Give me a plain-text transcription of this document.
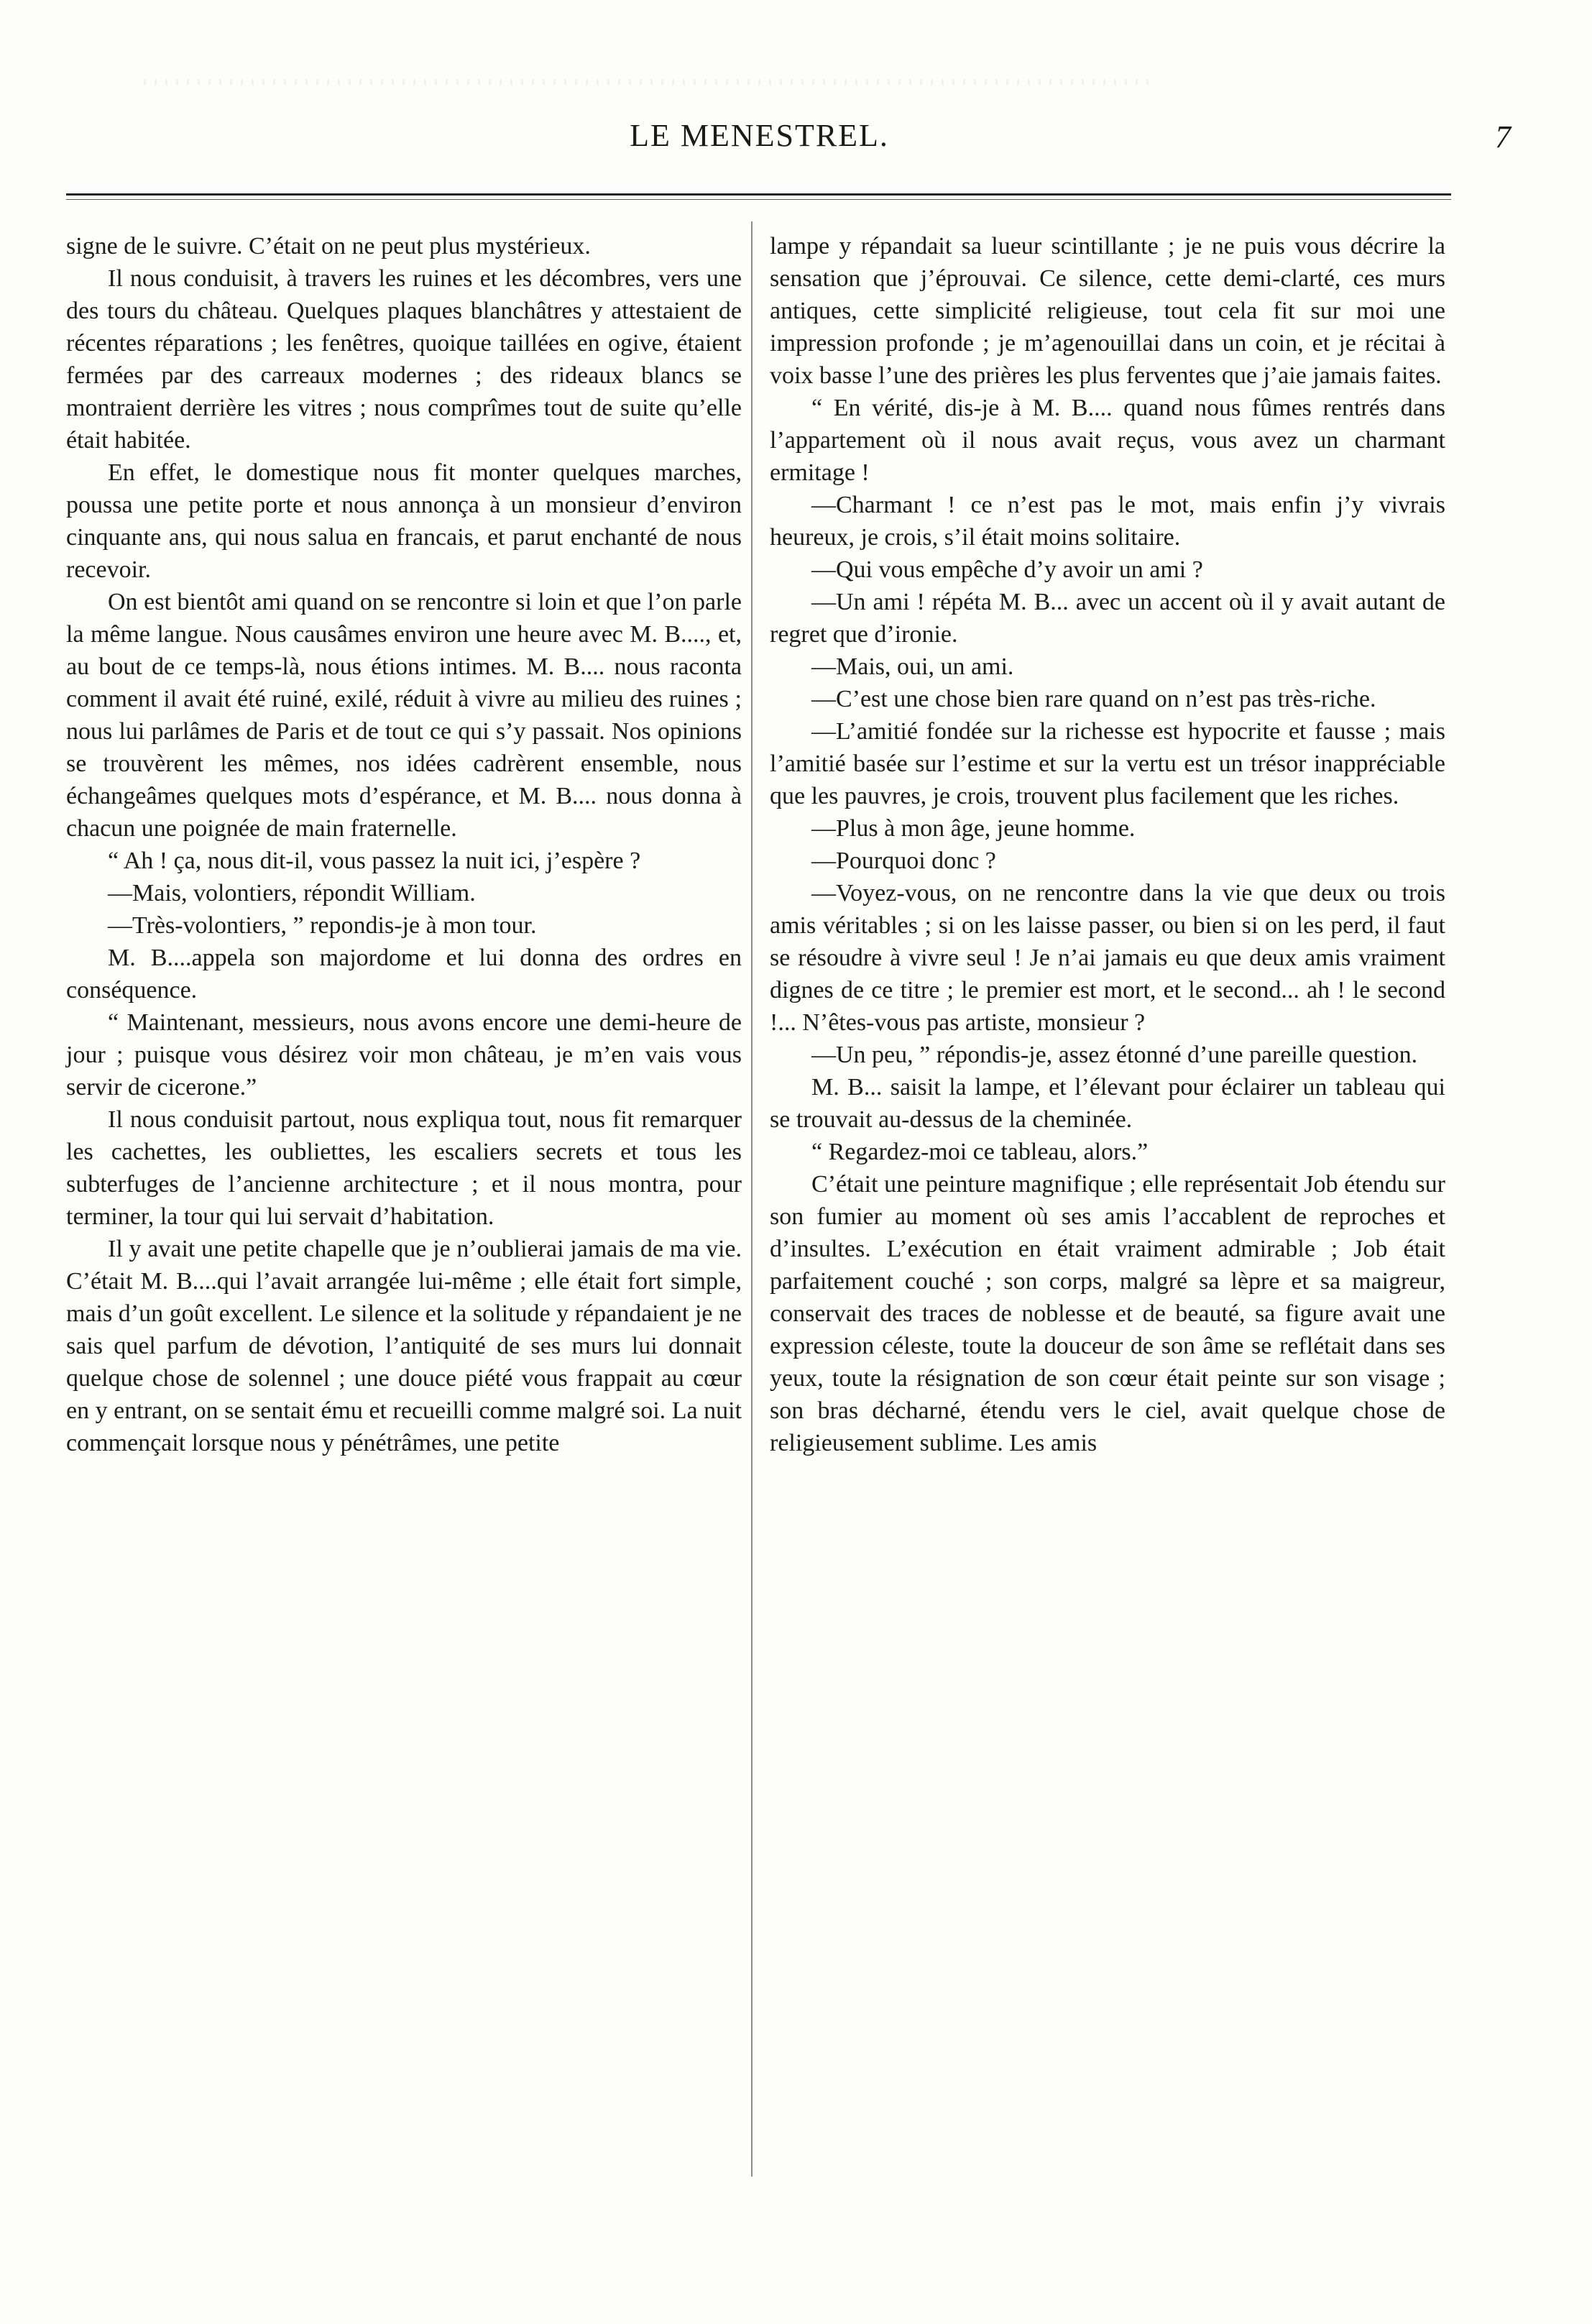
LE MENESTREL.	7

signe de le suivre. C’était on ne peut plus mystérieux.

Il nous conduisit, à travers les ruines et les décombres, vers une des tours du château. Quelques plaques blanchâtres y attestaient de récentes réparations ; les fenêtres, quoique taillées en ogive, étaient fermées par des carreaux modernes ; des rideaux blancs se montraient derrière les vitres ; nous comprîmes tout de suite qu’elle était habitée.

En effet, le domestique nous fit monter quelques marches, poussa une petite porte et nous annonça à un monsieur d’environ cinquante ans, qui nous salua en francais, et parut enchanté de nous recevoir.

On est bientôt ami quand on se rencontre si loin et que l’on parle la même langue. Nous causâmes environ une heure avec M. B...., et, au bout de ce temps-là, nous étions intimes. M. B.... nous raconta comment il avait été ruiné, exilé, réduit à vivre au milieu des ruines ; nous lui parlâmes de Paris et de tout ce qui s’y passait. Nos opinions se trouvèrent les mêmes, nos idées cadrèrent ensemble, nous échangeâmes quelques mots d’espérance, et M. B.... nous donna à chacun une poignée de main fraternelle.

“ Ah ! ça, nous dit-il, vous passez la nuit ici, j’espère ?

—Mais, volontiers, répondit William.

—Très-volontiers, ” repondis-je à mon tour.

M. B....appela son majordome et lui donna des ordres en conséquence.

“ Maintenant, messieurs, nous avons encore une demi-heure de jour ; puisque vous désirez voir mon château, je m’en vais vous servir de cicerone.”

Il nous conduisit partout, nous expliqua tout, nous fit remarquer les cachettes, les oubliettes, les escaliers secrets et tous les subterfuges de l’ancienne architecture ; et il nous montra, pour terminer, la tour qui lui servait d’habitation.

Il y avait une petite chapelle que je n’oublierai jamais de ma vie. C’était M. B....qui l’avait arrangée lui-même ; elle était fort simple, mais d’un goût excellent. Le silence et la solitude y répandaient je ne sais quel parfum de dévotion, l’antiquité de ses murs lui donnait quelque chose de solennel ; une douce piété vous frappait au cœur en y entrant, on se sentait ému et recueilli comme malgré soi. La nuit commençait lorsque nous y pénétrâmes, une petite

lampe y répandait sa lueur scintillante ; je ne puis vous décrire la sensation que j’éprouvai. Ce silence, cette demi-clarté, ces murs antiques, cette simplicité religieuse, tout cela fit sur moi une impression profonde ; je m’agenouillai dans un coin, et je récitai à voix basse l’une des prières les plus ferventes que j’aie jamais faites.

“ En vérité, dis-je à M. B.... quand nous fûmes rentrés dans l’appartement où il nous avait reçus, vous avez un charmant ermitage !

—Charmant ! ce n’est pas le mot, mais enfin j’y vivrais heureux, je crois, s’il était moins solitaire.

—Qui vous empêche d’y avoir un ami ?

—Un ami ! répéta M. B... avec un accent où il y avait autant de regret que d’ironie.

—Mais, oui, un ami.

—C’est une chose bien rare quand on n’est pas très-riche.

—L’amitié fondée sur la richesse est hypocrite et fausse ; mais l’amitié basée sur l’estime et sur la vertu est un trésor inappréciable que les pauvres, je crois, trouvent plus facilement que les riches.

—Plus à mon âge, jeune homme.

—Pourquoi donc ?

—Voyez-vous, on ne rencontre dans la vie que deux ou trois amis véritables ; si on les laisse passer, ou bien si on les perd, il faut se résoudre à vivre seul ! Je n’ai jamais eu que deux amis vraiment dignes de ce titre ; le premier est mort, et le second... ah ! le second !... N’êtes-vous pas artiste, monsieur ?

—Un peu, ” répondis-je, assez étonné d’une pareille question.

M. B... saisit la lampe, et l’élevant pour éclairer un tableau qui se trouvait au-dessus de la cheminée.

“ Regardez-moi ce tableau, alors.”

C’était une peinture magnifique ; elle représentait Job étendu sur son fumier au moment où ses amis l’accablent de reproches et d’insultes. L’exécution en était vraiment admirable ; Job était parfaitement couché ; son corps, malgré sa lèpre et sa maigreur, conservait des traces de noblesse et de beauté, sa figure avait une expression céleste, toute la douceur de son âme se reflétait dans ses yeux, toute la résignation de son cœur était peinte sur son visage ; son bras décharné, étendu vers le ciel, avait quelque chose de religieusement sublime. Les amis
